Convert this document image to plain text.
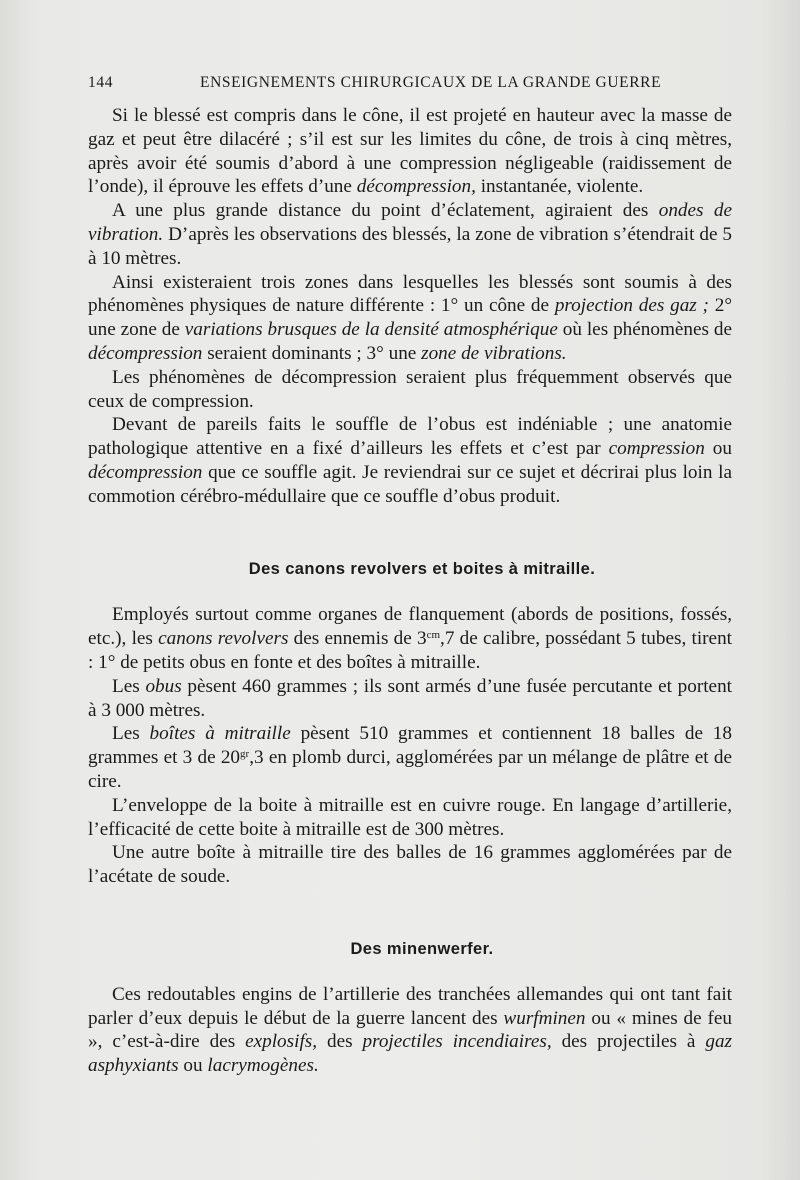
144	ENSEIGNEMENTS CHIRURGICAUX DE LA GRANDE GUERRE

Si le blessé est compris dans le cône, il est projeté en hauteur avec la masse de gaz et peut être dilacéré ; s’il est sur les limites du cône, de trois à cinq mètres, après avoir été soumis d’abord à une compression négligeable (raidissement de l’onde), il éprouve les effets d’une décompression, instantanée, violente.

A une plus grande distance du point d’éclatement, agiraient des ondes de vibration. D’après les observations des blessés, la zone de vibration s’étendrait de 5 à 10 mètres.

Ainsi existeraient trois zones dans lesquelles les blessés sont soumis à des phénomènes physiques de nature différente : 1° un cône de projection des gaz ; 2° une zone de variations brusques de la densité atmosphérique où les phénomènes de décompression seraient dominants ; 3° une zone de vibrations.

Les phénomènes de décompression seraient plus fréquemment observés que ceux de compression.

Devant de pareils faits le souffle de l’obus est indéniable ; une anatomie pathologique attentive en a fixé d’ailleurs les effets et c’est par compression ou décompression que ce souffle agit. Je reviendrai sur ce sujet et décrirai plus loin la commotion cérébro-médullaire que ce souffle d’obus produit.

Des canons revolvers et boites à mitraille.

Employés surtout comme organes de flanquement (abords de positions, fossés, etc.), les canons revolvers des ennemis de $3^{cm},7$ de calibre, possédant 5 tubes, tirent : 1° de petits obus en fonte et des boîtes à mitraille.

Les obus pèsent 460 grammes ; ils sont armés d’une fusée percutante et portent à 3 000 mètres.

Les boîtes à mitraille pèsent 510 grammes et contiennent 18 balles de 18 grammes et 3 de $20^{gr},3$ en plomb durci, agglomérées par un mélange de plâtre et de cire.

L’enveloppe de la boite à mitraille est en cuivre rouge. En langage d’artillerie, l’efficacité de cette boite à mitraille est de 300 mètres.

Une autre boîte à mitraille tire des balles de 16 grammes agglomérées par de l’acétate de soude.

Des minenwerfer.

Ces redoutables engins de l’artillerie des tranchées allemandes qui ont tant fait parler d’eux depuis le début de la guerre lancent des wurfminen ou « mines de feu », c’est-à-dire des explosifs, des projectiles incendiaires, des projectiles à gaz asphyxiants ou lacrymogènes.
